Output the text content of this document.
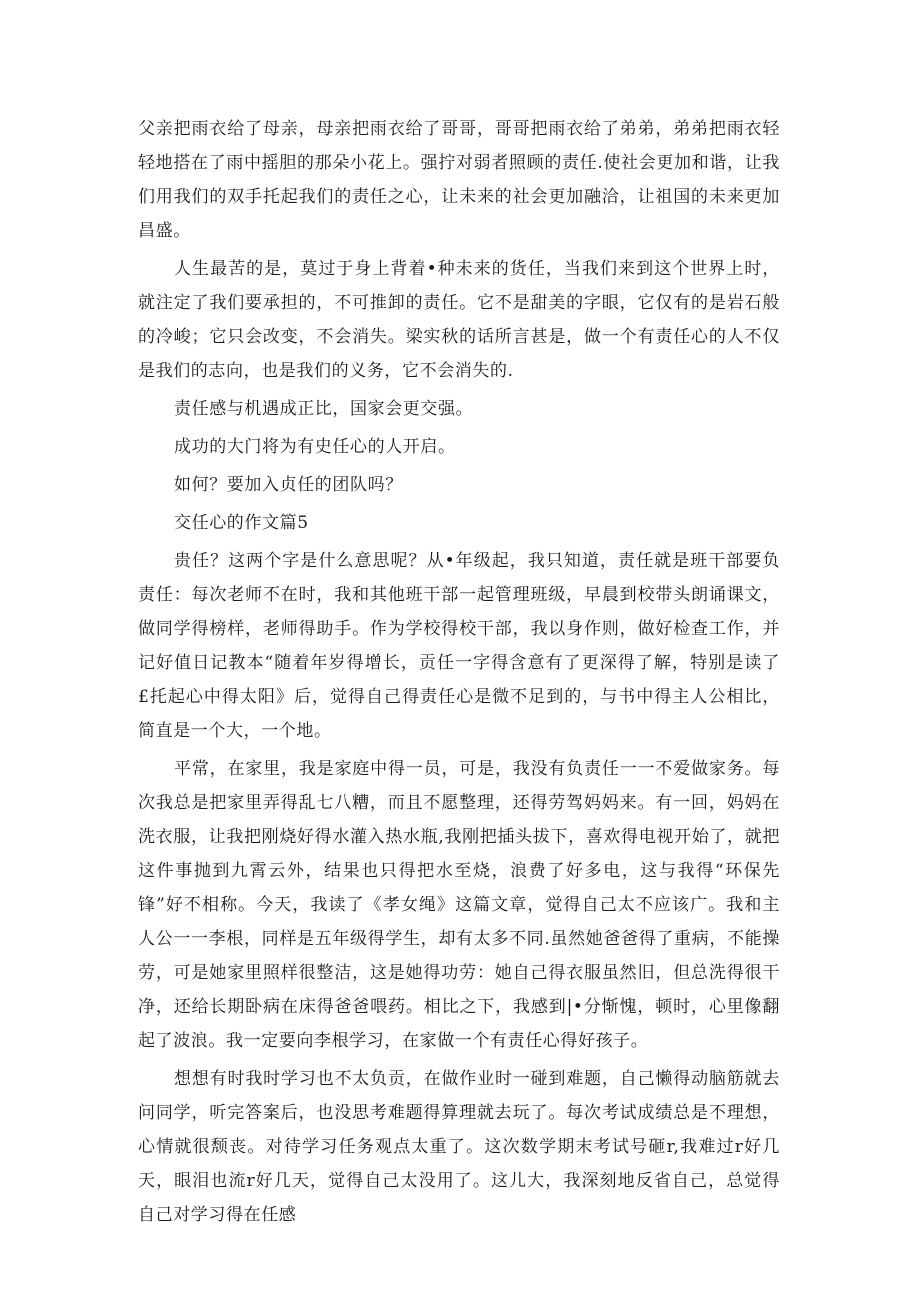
父亲把雨衣给了母亲，母亲把雨衣给了哥哥，哥哥把雨衣给了弟弟，弟弟把雨衣轻轻地搭在了雨中摇胆的那朵小花上。强拧对弱者照顾的责任.使社会更加和谐，让我们用我们的双手托起我们的责任之心，让未来的社会更加融洽，让祖国的未来更加昌盛。

人生最苦的是，莫过于身上背着•种未来的货任，当我们来到这个世界上时，就注定了我们要承担的，不可推卸的责任。它不是甜美的字眼，它仅有的是岩石般的冷峻；它只会改变，不会消失。梁实秋的话所言甚是，做一个有责任心的人不仅是我们的志向，也是我们的义务，它不会消失的.

责任感与机遇成正比，国家会更交强。

成功的大门将为有史任心的人开启。

如何？要加入贞任的团队吗？

交任心的作文篇5

贵任？这两个字是什么意思呢？从•年级起，我只知道，责任就是班干部要负责任：每次老师不在时，我和其他班干部一起管理班级，早晨到校带头朗诵课文，做同学得榜样，老师得助手。作为学校得校干部，我以身作则，做好检查工作，并记好值日记教本“随着年岁得增长，贡任一字得含意有了更深得了解，特别是读了£托起心中得太阳》后，觉得自己得责任心是微不足到的，与书中得主人公相比，简直是一个大，一个地。

平常，在家里，我是家庭中得一员，可是，我没有负责任一一不爱做家务。每次我总是把家里弄得乱七八糟，而且不愿整理，还得劳驾妈妈来。有一回，妈妈在洗衣服，让我把刚烧好得水灌入热水瓶,我刚把插头拔下，喜欢得电视开始了，就把这件事抛到九霄云外，结果也只得把水至烧，浪费了好多电，这与我得“环保先锋”好不相称。今天，我读了《孝女绳》这篇文章，觉得自己太不应该广。我和主人公一一李根，同样是五年级得学生，却有太多不同.虽然她爸爸得了重病，不能操劳，可是她家里照样很整洁，这是她得功劳：她自己得衣服虽然旧，但总洗得很干净，还给长期卧病在床得爸爸喂药。相比之下，我感到|•分惭愧，顿时，心里像翻起了波浪。我一定要向李根学习，在家做一个有责任心得好孩子。

想想有时我时学习也不太负贡，在做作业时一碰到难题，自己懒得动脑筋就去问同学，听完答案后，也没思考难题得算理就去玩了。每次考试成绩总是不理想，心情就很颓丧。对待学习任务观点太重了。这次数学期末考试号砸r,我难过r好几天，眼泪也流r好几天，觉得自己太没用了。这儿大，我深刻地反省自己，总觉得自己对学习得在任感
